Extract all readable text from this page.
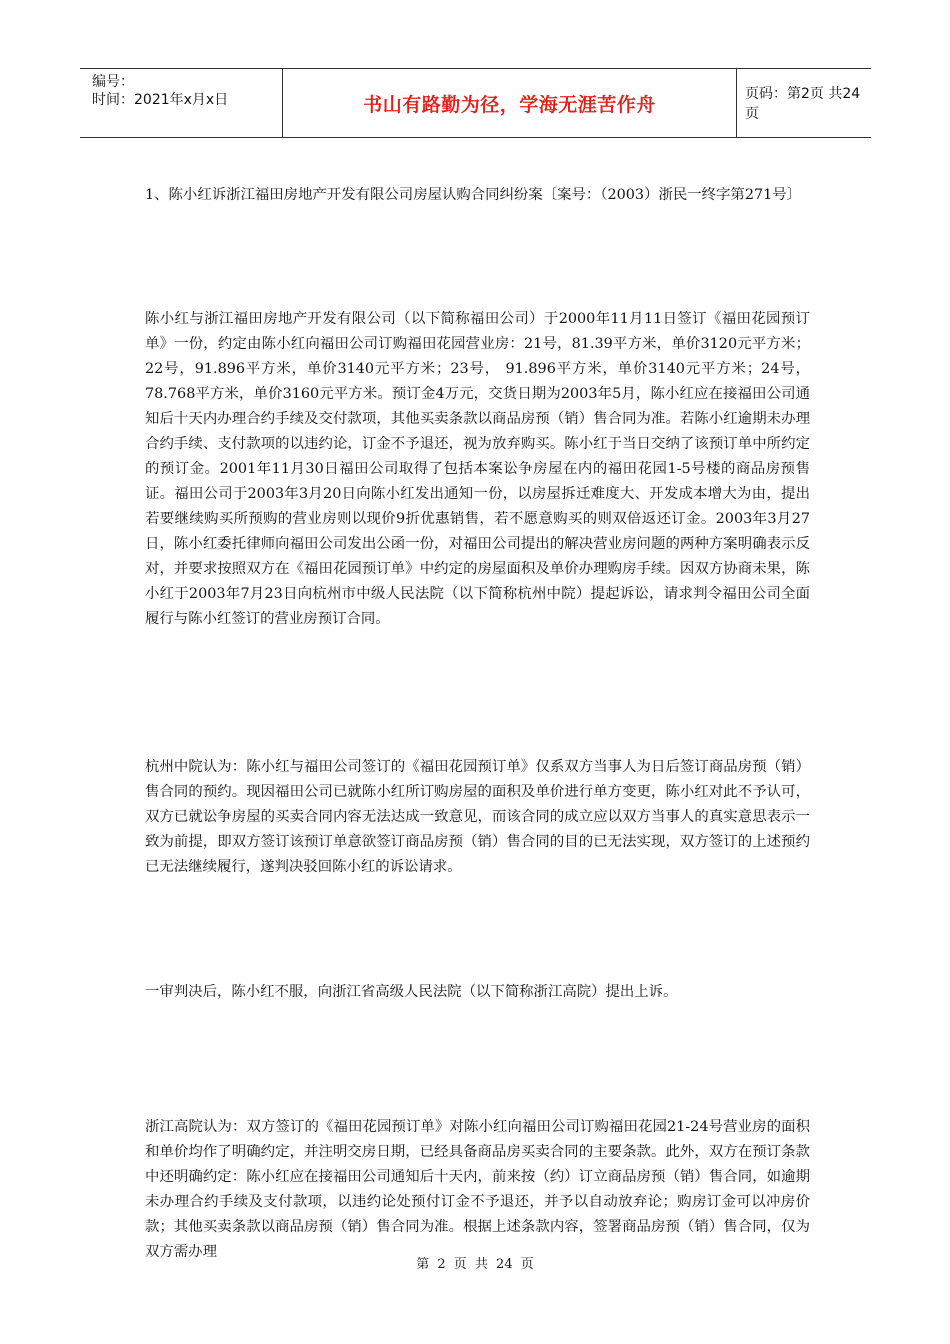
编号：
时间：2021年x月x日	书山有路勤为径，学海无涯苦作舟	页码：第2页 共24页

1、陈小红诉浙江福田房地产开发有限公司房屋认购合同纠纷案〔案号：（2003）浙民一终字第271号〕

陈小红与浙江福田房地产开发有限公司（以下简称福田公司）于2000年11月11日签订《福田花园预订单》一份，约定由陈小红向福田公司订购福田花园营业房：21号，81.39平方米，单价3120元平方米；22号，91.896平方米，单价3140元平方米；23号， 91.896平方米，单价3140元平方米；24号，78.768平方米，单价3160元平方米。预订金4万元，交货日期为2003年5月，陈小红应在接福田公司通知后十天内办理合约手续及交付款项，其他买卖条款以商品房预（销）售合同为准。若陈小红逾期未办理合约手续、支付款项的以违约论，订金不予退还，视为放弃购买。陈小红于当日交纳了该预订单中所约定的预订金。2001年11月30日福田公司取得了包括本案讼争房屋在内的福田花园1-5号楼的商品房预售证。福田公司于2003年3月20日向陈小红发出通知一份，以房屋拆迁难度大、开发成本增大为由，提出若要继续购买所预购的营业房则以现价9折优惠销售，若不愿意购买的则双倍返还订金。2003年3月27日，陈小红委托律师向福田公司发出公函一份，对福田公司提出的解决营业房问题的两种方案明确表示反对，并要求按照双方在《福田花园预订单》中约定的房屋面积及单价办理购房手续。因双方协商未果，陈小红于2003年7月23日向杭州市中级人民法院（以下简称杭州中院）提起诉讼，请求判令福田公司全面履行与陈小红签订的营业房预订合同。

杭州中院认为：陈小红与福田公司签订的《福田花园预订单》仅系双方当事人为日后签订商品房预（销）售合同的预约。现因福田公司已就陈小红所订购房屋的面积及单价进行单方变更，陈小红对此不予认可，双方已就讼争房屋的买卖合同内容无法达成一致意见，而该合同的成立应以双方当事人的真实意思表示一致为前提，即双方签订该预订单意欲签订商品房预（销）售合同的目的已无法实现，双方签订的上述预约已无法继续履行，遂判决驳回陈小红的诉讼请求。

一审判决后，陈小红不服，向浙江省高级人民法院（以下简称浙江高院）提出上诉。

浙江高院认为：双方签订的《福田花园预订单》对陈小红向福田公司订购福田花园21-24号营业房的面积和单价均作了明确约定，并注明交房日期，已经具备商品房买卖合同的主要条款。此外，双方在预订条款中还明确约定：陈小红应在接福田公司通知后十天内，前来按（约）订立商品房预（销）售合同，如逾期未办理合约手续及支付款项，以违约论处预付订金不予退还，并予以自动放弃论；购房订金可以冲房价款；其他买卖条款以商品房预（销）售合同为准。根据上述条款内容，签署商品房预（销）售合同，仅为双方需办理

第 2 页 共 24 页
